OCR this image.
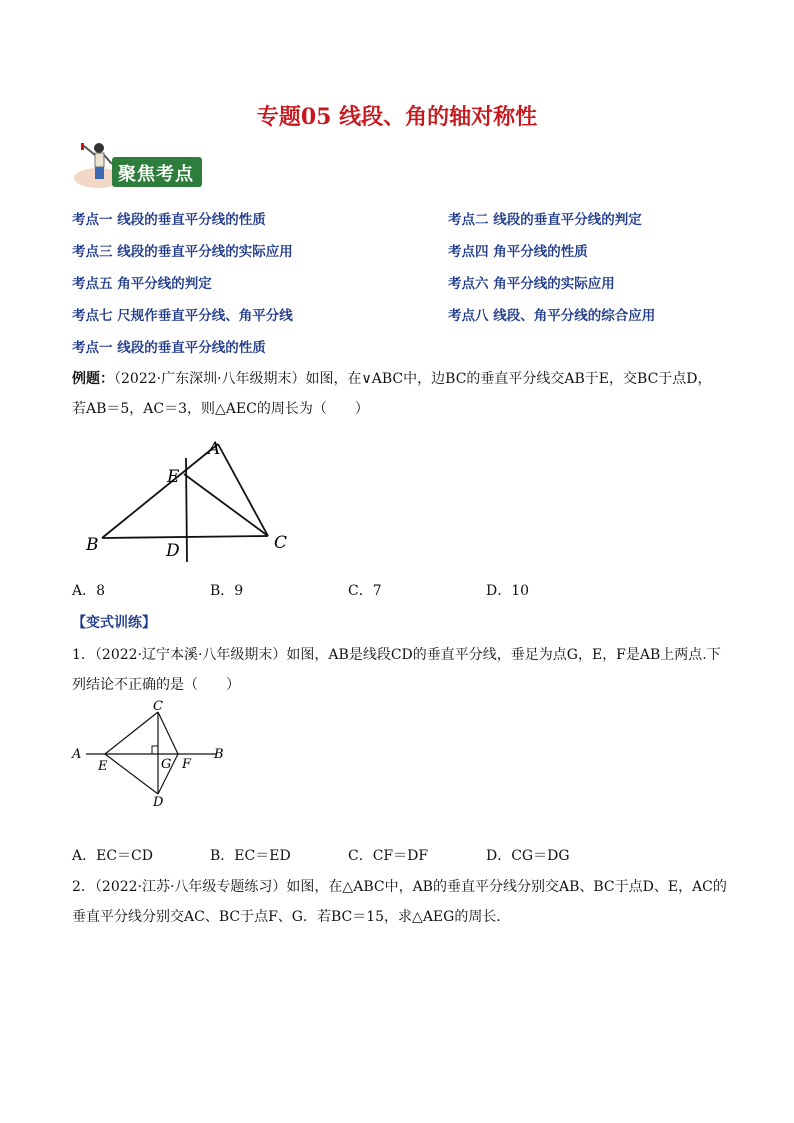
专题05 线段、角的轴对称性
聚焦考点
考点一 线段的垂直平分线的性质	考点二 线段的垂直平分线的判定
考点三 线段的垂直平分线的实际应用	考点四 角平分线的性质
考点五 角平分线的判定	考点六 角平分线的实际应用
考点七 尺规作垂直平分线、角平分线	考点八 线段、角平分线的综合应用
考点一 线段的垂直平分线的性质
例题：（2022·广东深圳·八年级期末）如图，在∨ABC中，边BC的垂直平分线交AB于E，交BC于点D，
若AB＝5，AC＝3，则△AEC的周长为（　　）
A
B	C
D
E
A．8	B．9	C．7	D．10
【变式训练】
1．（2022·辽宁本溪·八年级期末）如图，AB是线段CD的垂直平分线，垂足为点G，E，F是AB上两点.下
列结论不正确的是（　　）
A	B
C
D
E	F
G
A．EC＝CD	B．EC＝ED	C．CF＝DF	D．CG＝DG
2．（2022·江苏·八年级专题练习）如图，在△ABC中，AB的垂直平分线分别交AB、BC于点D、E，AC的
垂直平分线分别交AC、BC于点F、G．若BC＝15，求△AEG的周长．
